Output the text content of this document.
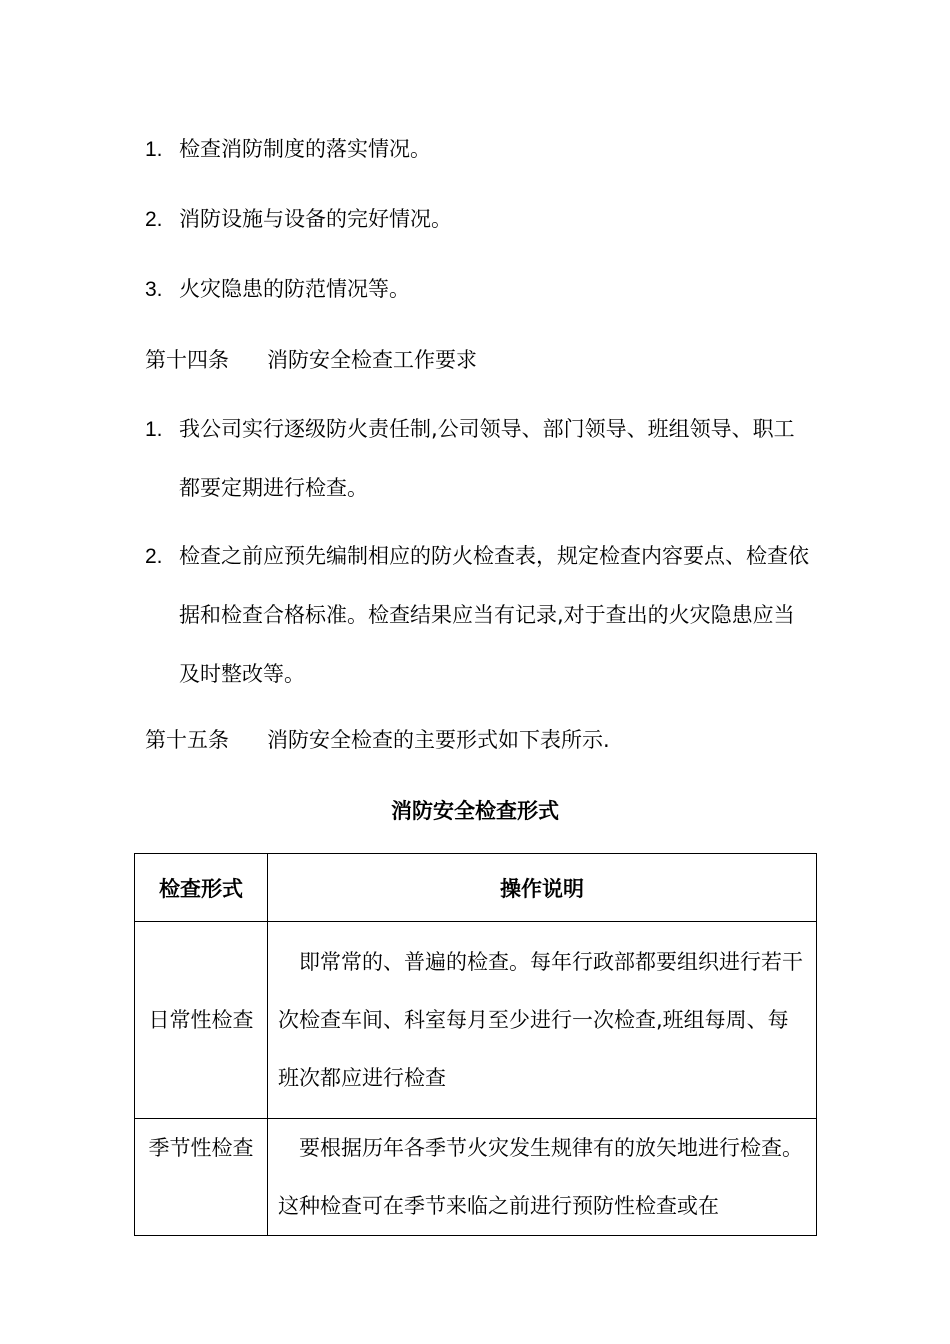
1. 检查消防制度的落实情况。
2. 消防设施与设备的完好情况。
3. 火灾隐患的防范情况等。
第十四条 消防安全检查工作要求
1. 我公司实行逐级防火责任制,公司领导、部门领导、班组领导、职工都要定期进行检查。
2. 检查之前应预先编制相应的防火检查表，规定检查内容要点、检查依据和检查合格标准。检查结果应当有记录,对于查出的火灾隐患应当及时整改等。
第十五条 消防安全检查的主要形式如下表所示.
消防安全检查形式
检查形式	操作说明
日常性检查	　即常常的、普遍的检查。每年行政部都要组织进行若干次检查车间、科室每月至少进行一次检查,班组每周、每班次都应进行检查
季节性检查	　要根据历年各季节火灾发生规律有的放矢地进行检查。这种检查可在季节来临之前进行预防性检查或在
